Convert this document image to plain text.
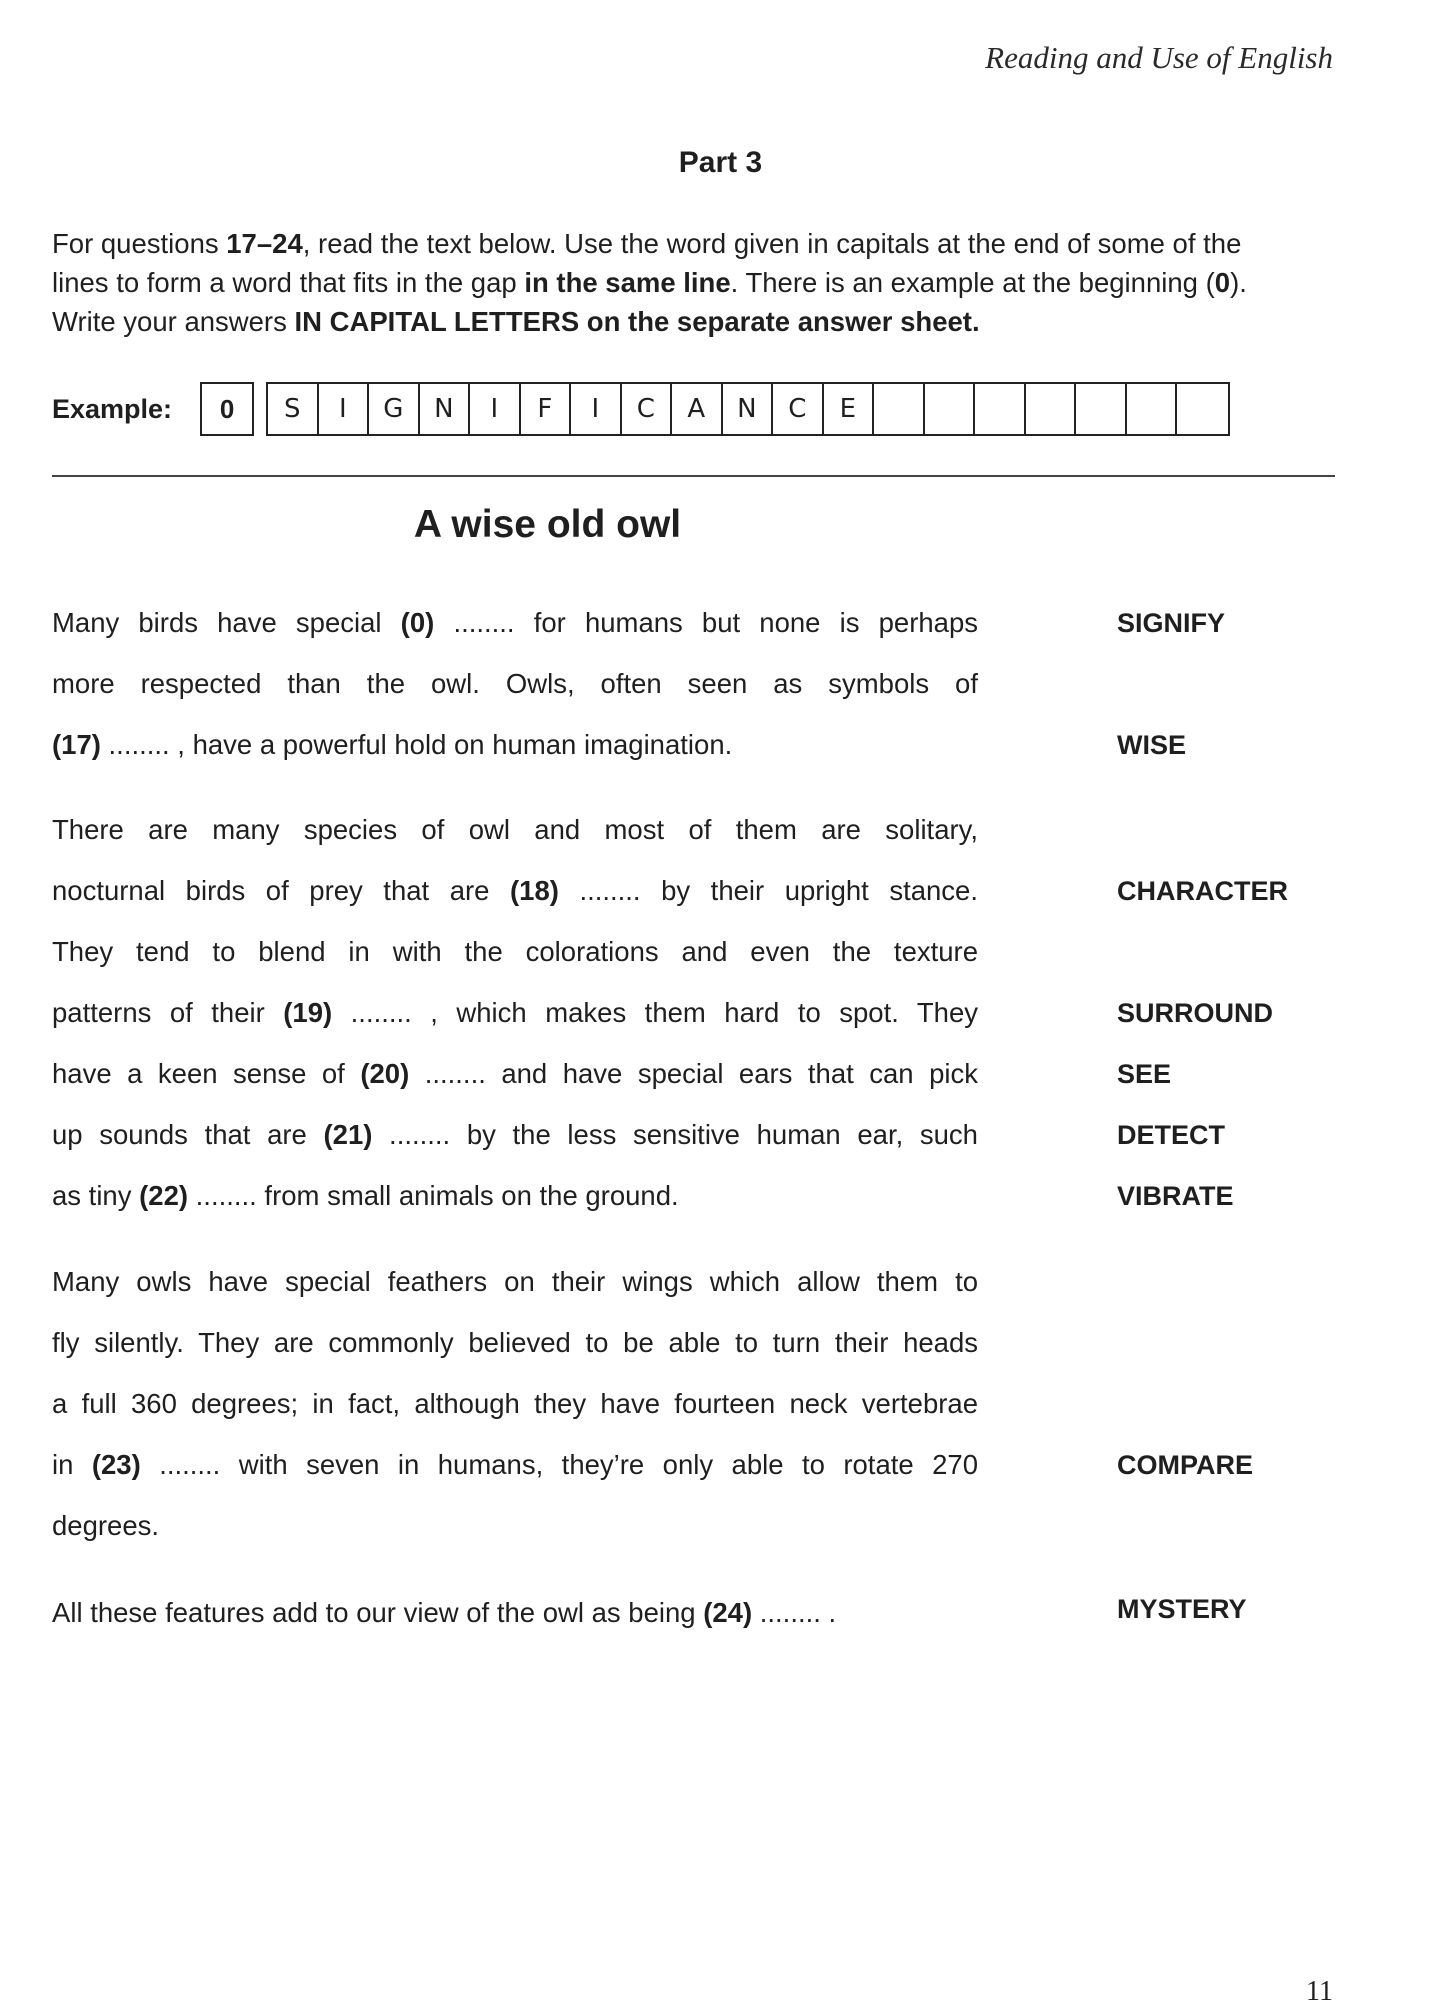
Reading and Use of English
Part 3
For questions 17–24, read the text below. Use the word given in capitals at the end of some of the
lines to form a word that fits in the gap in the same line. There is an example at the beginning (0).
Write your answers IN CAPITAL LETTERS on the separate answer sheet.
Example:	0	S	I	G	N	I	F	I	C	A	N	C	E
A wise old owl
Many birds have special (0) ........ for humans but none is perhaps	SIGNIFY
more respected than the owl. Owls, often seen as symbols of
(17) ........ , have a powerful hold on human imagination.	WISE
There are many species of owl and most of them are solitary,
nocturnal birds of prey that are (18) ........ by their upright stance.	CHARACTER
They tend to blend in with the colorations and even the texture
patterns of their (19) ........ , which makes them hard to spot. They	SURROUND
have a keen sense of (20) ........ and have special ears that can pick	SEE
up sounds that are (21) ........ by the less sensitive human ear, such	DETECT
as tiny (22) ........ from small animals on the ground.	VIBRATE
Many owls have special feathers on their wings which allow them to
fly silently. They are commonly believed to be able to turn their heads
a full 360 degrees; in fact, although they have fourteen neck vertebrae
in (23) ........ with seven in humans, they’re only able to rotate 270	COMPARE
degrees.
All these features add to our view of the owl as being (24) ........ .	MYSTERY
11
